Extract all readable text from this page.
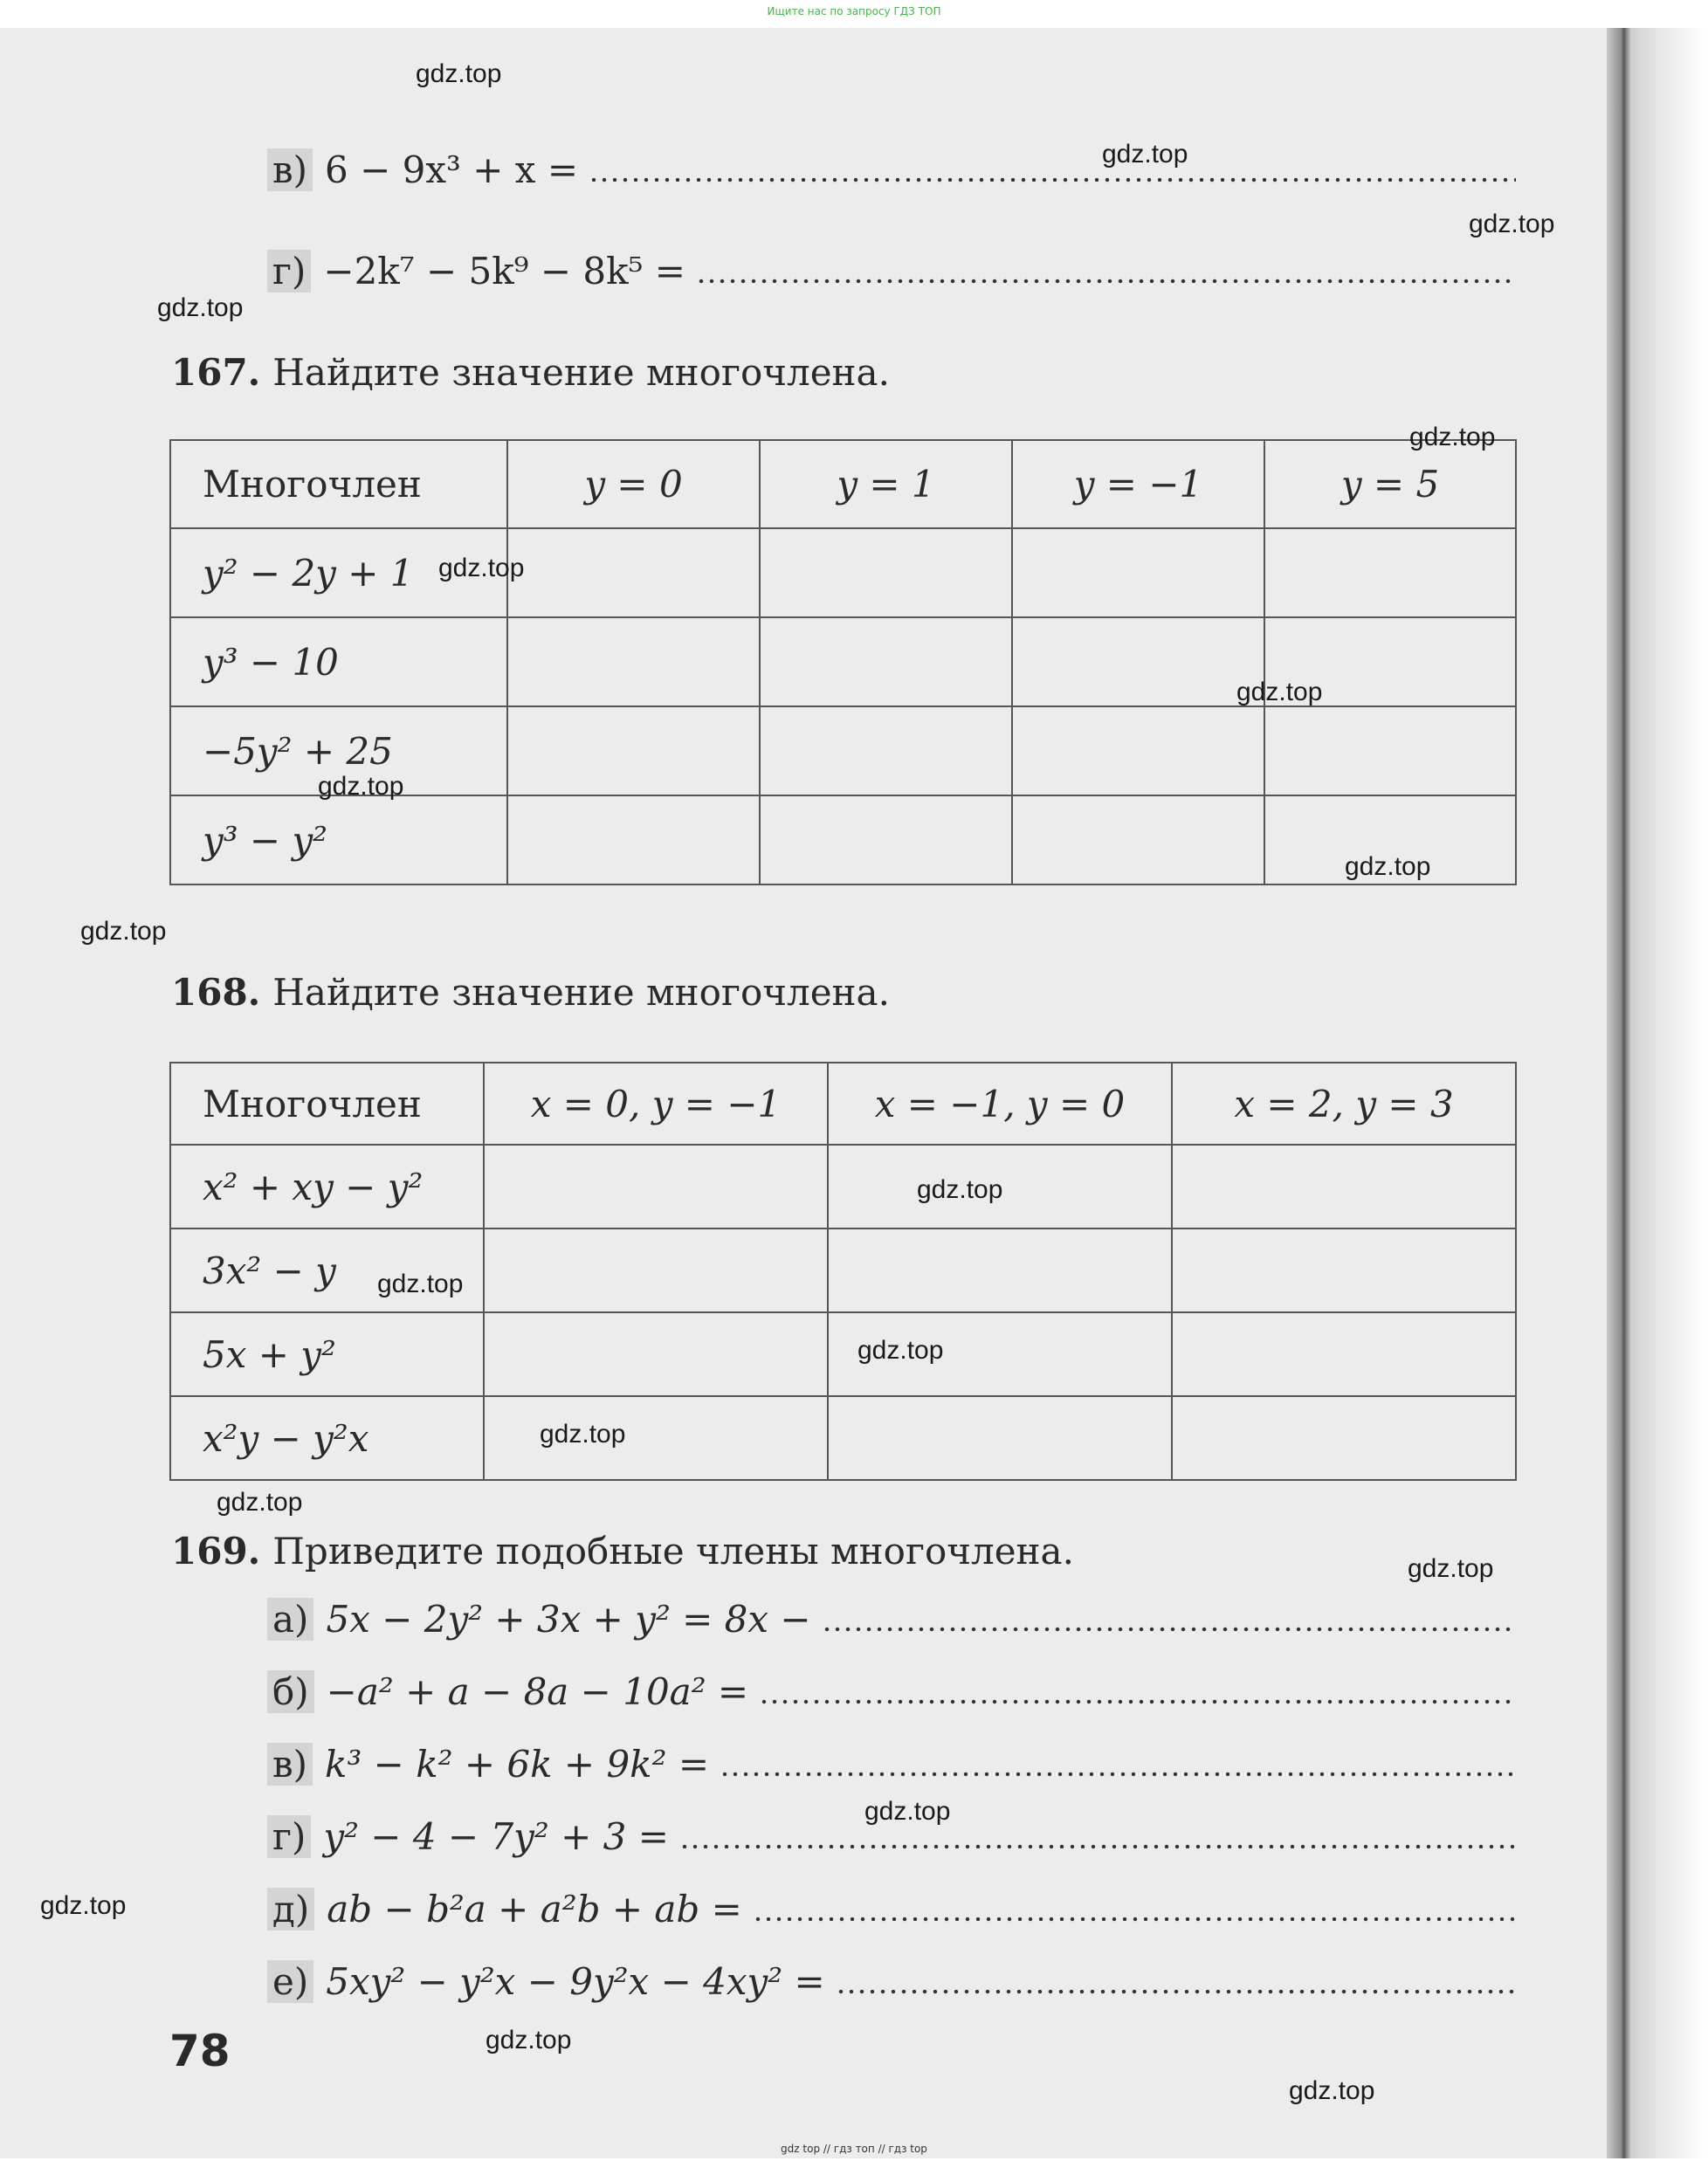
Ищите нас по запросу ГДЗ ТОП
в) 6 − 9x³ + x =
г) −2k⁷ − 5k⁹ − 8k⁵ =
167. Найдите значение многочлена.
Многочлен	y = 0	y = 1	y = −1	y = 5
y² − 2y + 1				
y³ − 10				
−5y² + 25				
y³ − y²				
168. Найдите значение многочлена.
Многочлен	x = 0, y = −1	x = −1, y = 0	x = 2, y = 3
x² + xy − y²			
3x² − y			
5x + y²			
x²y − y²x			
169. Приведите подобные члены многочлена.
а) 5x − 2y² + 3x + y² = 8x −
б) −a² + a − 8a − 10a² =
в) k³ − k² + 6k + 9k² =
г) y² − 4 − 7y² + 3 =
д) ab − b²a + a²b + ab =
е) 5xy² − y²x − 9y²x − 4xy² =
78
gdz.top
gdz.top
gdz.top
gdz.top
gdz.top
gdz.top
gdz.top
gdz.top
gdz.top
gdz.top
gdz.top
gdz.top
gdz.top
gdz.top
gdz.top
gdz.top
gdz.top
gdz.top
gdz.top
gdz.top
gdz top // гдз топ // гдз top
